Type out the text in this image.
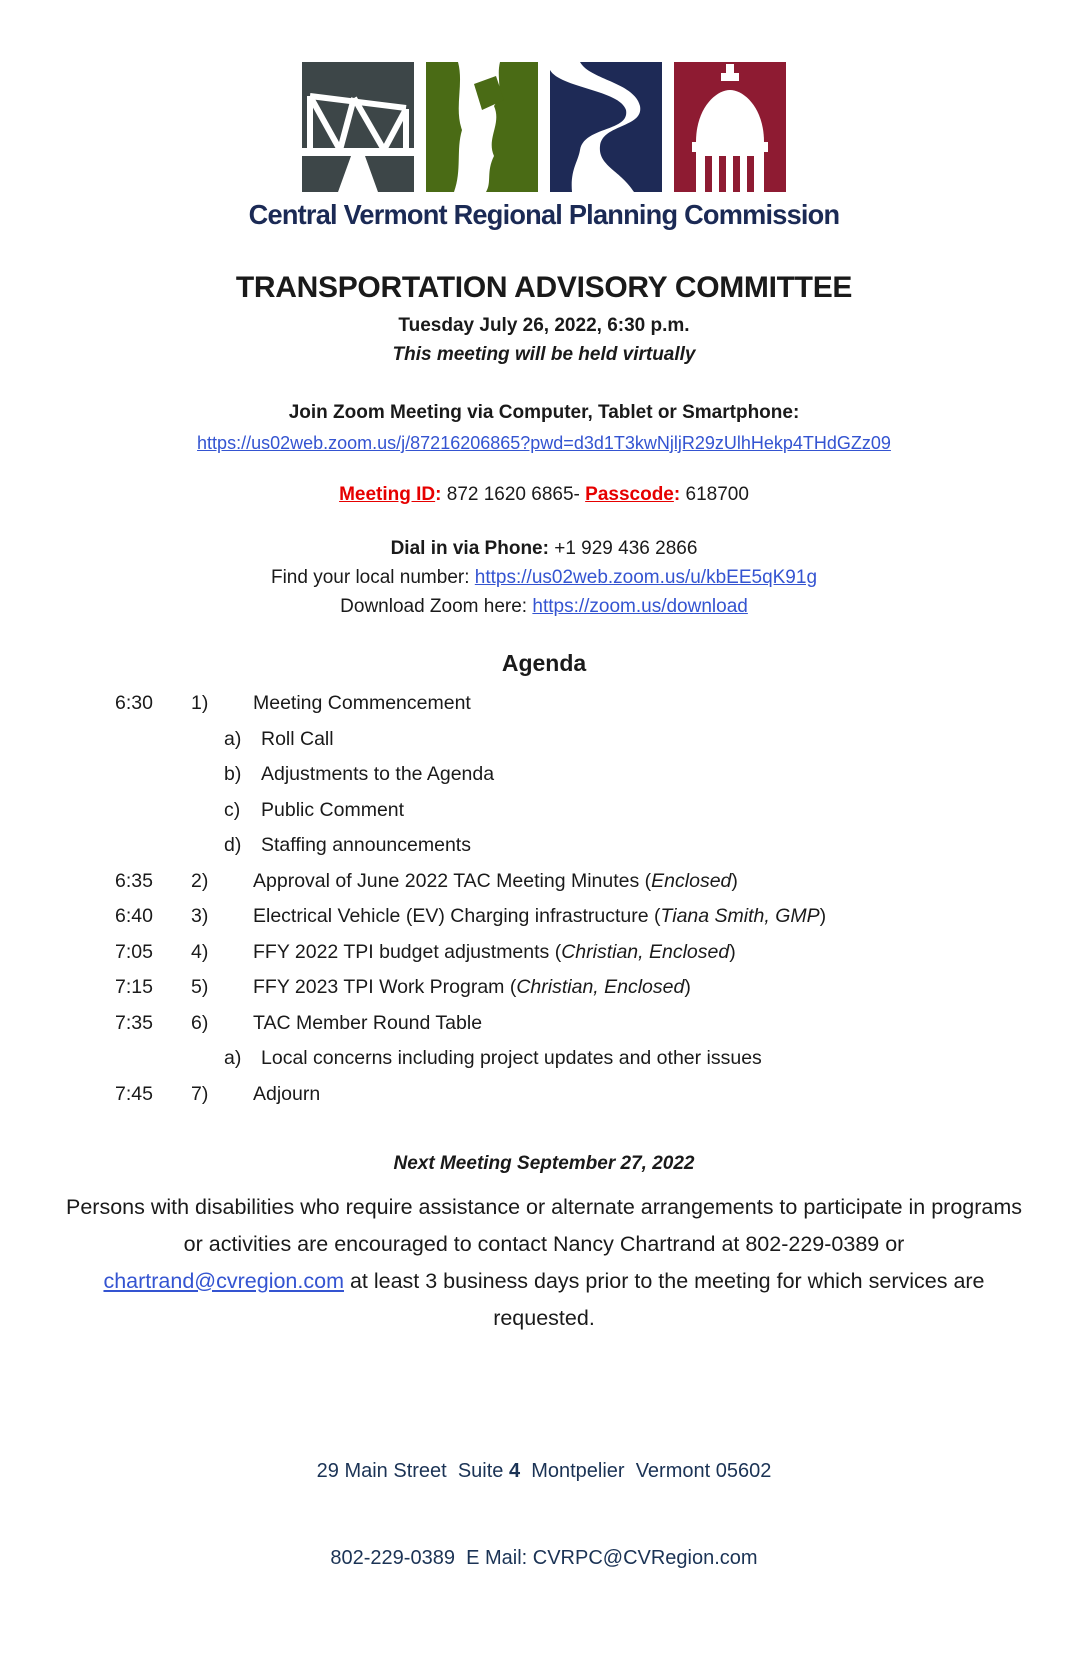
Central Vermont Regional Planning Commission
TRANSPORTATION ADVISORY COMMITTEE
Tuesday July 26, 2022, 6:30 p.m.
This meeting will be held virtually
Join Zoom Meeting via Computer, Tablet or Smartphone:
https://us02web.zoom.us/j/87216206865?pwd=d3d1T3kwNjljR29zUlhHekp4THdGZz09
Meeting ID: 872 1620 6865- Passcode: 618700
Dial in via Phone: +1 929 436 2866
Find your local number: https://us02web.zoom.us/u/kbEE5qK91g
Download Zoom here: https://zoom.us/download
Agenda
6:30	1)	Meeting Commencement
a)	Roll Call
b)	Adjustments to the Agenda
c)	Public Comment
d)	Staffing announcements
6:35	2)	Approval of June 2022 TAC Meeting Minutes (Enclosed)
6:40	3)	Electrical Vehicle (EV) Charging infrastructure (Tiana Smith, GMP)
7:05	4)	FFY 2022 TPI budget adjustments (Christian, Enclosed)
7:15	5)	FFY 2023 TPI Work Program (Christian, Enclosed)
7:35	6)	TAC Member Round Table
a)	Local concerns including project updates and other issues
7:45	7)	Adjourn
Next Meeting September 27, 2022
Persons with disabilities who require assistance or alternate arrangements to participate in programs or activities are encouraged to contact Nancy Chartrand at 802-229-0389 or chartrand@cvregion.com at least 3 business days prior to the meeting for which services are requested.

29 Main Street  Suite 4  Montpelier  Vermont 05602

802-229-0389  E Mail: CVRPC@CVRegion.com
